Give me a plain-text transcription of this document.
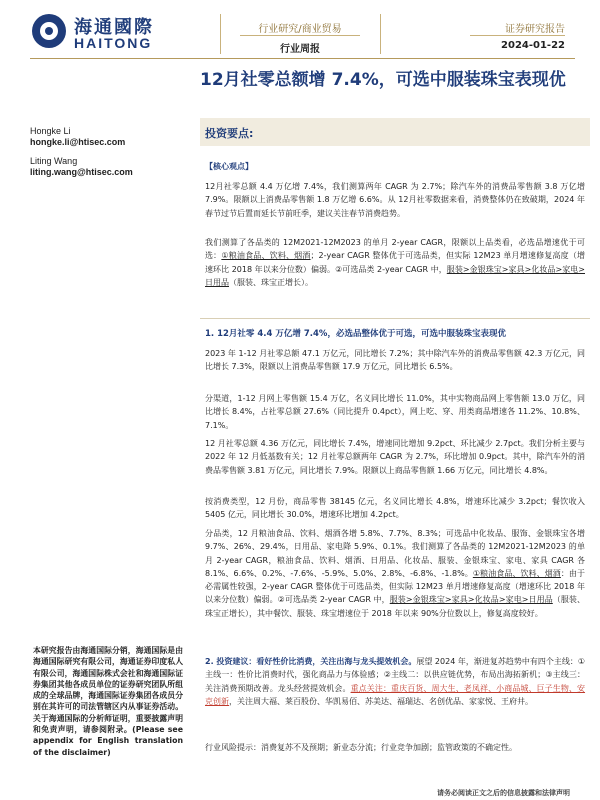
海通國際
HAITONG
行业研究/商业贸易
行业周报
证券研究报告
2024-01-22
12月社零总额增 7.4%，可选中服装珠宝表现优
Hongke Li
hongke.li@htisec.com
Liting Wang
liting.wang@htisec.com
投资要点:
【核心观点】
12月社零总额 4.4 万亿增 7.4%，我们测算两年 CAGR 为 2.7%；除汽车外的消费品零售额 3.8 万亿增 7.9%。限额以上消费品零售额 1.8 万亿增 6.6%。从 12月社零数据来看，消费整体仍在致破期，2024 年春节过节后置而延长节前旺季，建议关注春节消费趋势。
我们测算了各品类的 12M2021-12M2023 的单月 2-year CAGR，限额以上品类看，必选品增速优于可选：①粮油食品、饮料、烟酒；2-year CAGR 整体优于可选品类，但实际 12M23 单月增速修复高度（增速环比 2018 年以来分位数）偏弱。②可选品类 2-year CAGR 中，服装>金银珠宝>家具>化妆品>家电>日用品（服装、珠宝正增长）。
1. 12月社零 4.4 万亿增 7.4%，必选品整体优于可选，可选中服装珠宝表现优
2023 年 1-12 月社零总额 47.1 万亿元，同比增长 7.2%；其中除汽车外的消费品零售额 42.3 万亿元，同比增长 7.3%，限额以上消费品零售额 17.9 万亿元，同比增长 6.5%。
分渠道，1-12 月网上零售额 15.4 万亿，名义同比增长 11.0%，其中实物商品网上零售额 13.0 万亿，同比增长 8.4%，占社零总额 27.6%（同比提升 0.4pct），网上吃、穿、用类商品增速各 11.2%、10.8%、7.1%。
12 月社零总额 4.36 万亿元，同比增长 7.4%，增速同比增加 9.2pct、环比减少 2.7pct。我们分析主要与 2022 年 12 月低基数有关；12 月社零总额两年 CAGR 为 2.7%，环比增加 0.9pct。其中，除汽车外的消费品零售额 3.81 万亿元，同比增长 7.9%。限额以上商品零售额 1.66 万亿元，同比增长 4.8%。
按消费类型，12 月份，商品零售 38145 亿元，名义同比增长 4.8%，增速环比减少 3.2pct；餐饮收入 5405 亿元，同比增长 30.0%，增速环比增加 4.2pct。
分品类，12 月粮油食品、饮料、烟酒各增 5.8%、7.7%、8.3%；可选品中化妆品、服饰、金银珠宝各增 9.7%、26%、29.4%，日用品、家电降 5.9%、0.1%。我们测算了各品类的 12M2021-12M2023 的单月 2-year CAGR，粮油食品、饮料、烟酒、日用品、化妆品、服装、金银珠宝、家电、家具 CAGR 各 8.1%、6.6%、0.2%、-7.6%、-5.9%、5.0%、2.8%、-6.8%、-1.8%。①粮油食品、饮料、烟酒：由于必需属性较强，2-year CAGR 整体优于可选品类，但实际 12M23 单月增速修复高度（增速环比 2018 年以来分位数）偏弱。②可选品类 2-year CAGR 中，服装>金银珠宝>家具>化妆品>家电>日用品（服装、珠宝正增长），其中餐饮、服装、珠宝增速位于 2018 年以来 90%分位数以上，修复高度较好。
2. 投资建议：看好性价比消费，关注出海与龙头提效机会。展望 2024 年，渐进复苏趋势中有四个主线：①主线一：性价比消费时代，强化商品力与体验感；②主线二：以供应链优势，布局出海拓新机；③主线三：关注消费预期改善。龙头经营提效机会。重点关注：重庆百货、周大生、老凤祥、小商品城、巨子生物、安克创新，关注周大福、莱百股份、华凯易佰、苏美达、福瑞达、名创优品、家家悦、王府井。
行业风险提示：消费复苏不及预期；新业态分流；行业竞争加剧；监管政策的不确定性。
本研究报告由海通国际分销，海通国际是由海通国际研究有限公司，海通证券印度私人有限公司，海通国际株式会社和海通国际证券集团其他各成员单位的证券研究团队所组成的全球品牌，海通国际证券集团各成员分别在其许可的司法管辖区内从事证券活动。关于海通国际的分析师证明，重要披露声明和免责声明，请参阅附录。(Please see appendix for English translation of the disclaimer)
请务必阅读正文之后的信息披露和法律声明
